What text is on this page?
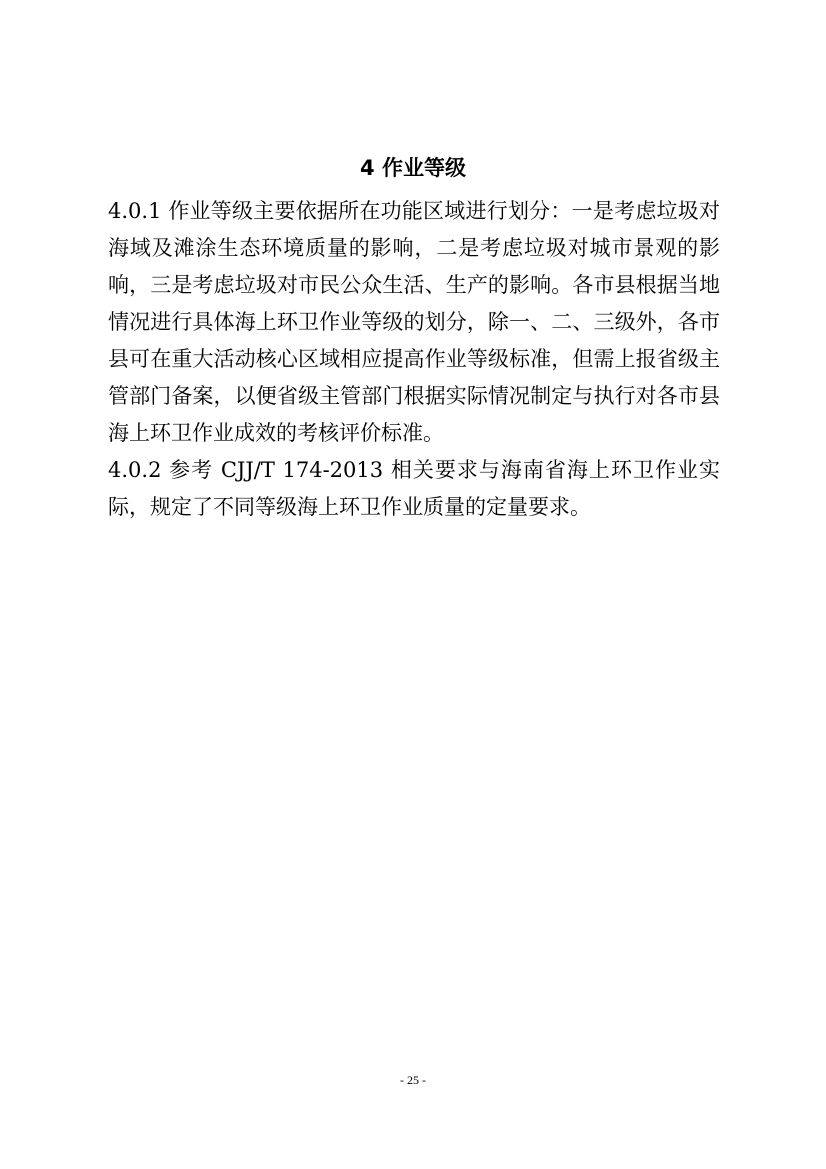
4 作业等级

4.0.1 作业等级主要依据所在功能区域进行划分：一是考虑垃圾对海域及滩涂生态环境质量的影响，二是考虑垃圾对城市景观的影响，三是考虑垃圾对市民公众生活、生产的影响。各市县根据当地情况进行具体海上环卫作业等级的划分，除一、二、三级外，各市县可在重大活动核心区域相应提高作业等级标准，但需上报省级主管部门备案，以便省级主管部门根据实际情况制定与执行对各市县海上环卫作业成效的考核评价标准。

4.0.2 参考 CJJ/T 174-2013 相关要求与海南省海上环卫作业实际，规定了不同等级海上环卫作业质量的定量要求。

- 25 -
